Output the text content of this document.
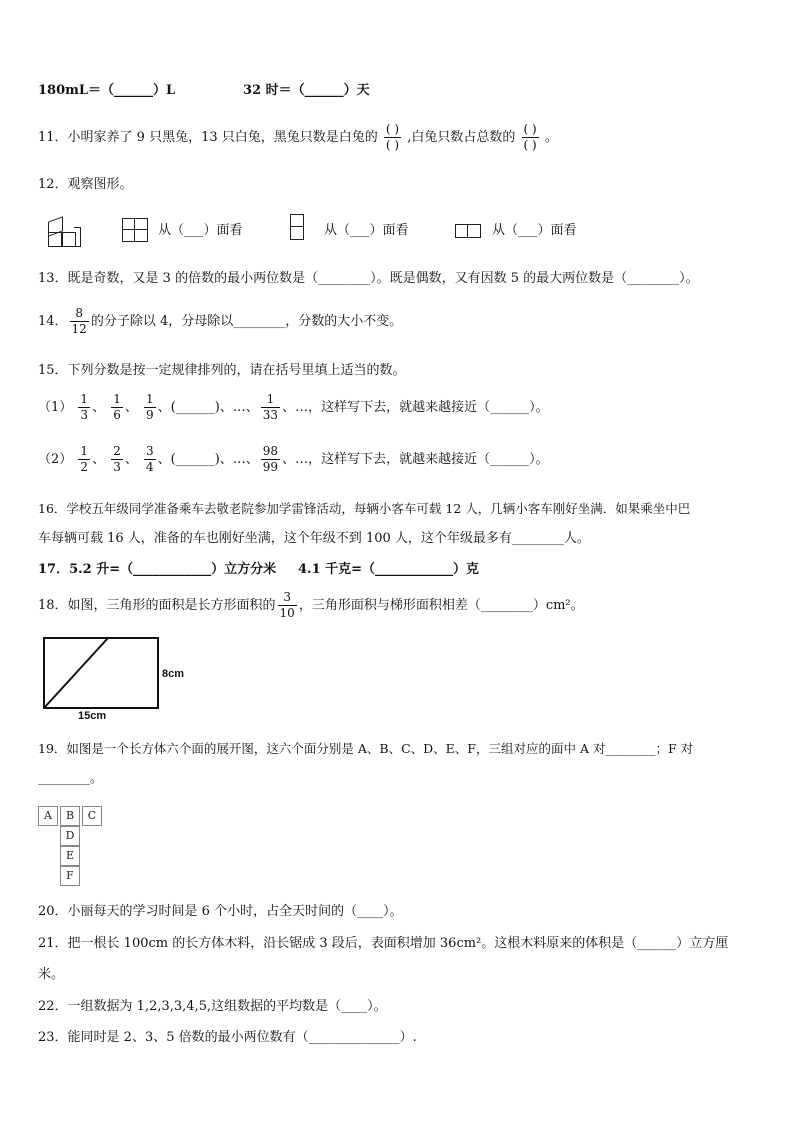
180mL＝（______）L	32 时＝（______）天
11．小明家养了 9 只黑兔，13 只白兔，黑兔只数是白兔的 $\frac{( )}{( )}$ ,白兔只数占总数的 $\frac{( )}{( )}$ 。
12．观察图形。
从（___）面看	从（___）面看	从（___）面看
13．既是奇数，又是 3 的倍数的最小两位数是（________）。既是偶数，又有因数 5 的最大两位数是（________）。
14． $\frac{8}{12}$ 的分子除以 4，分母除以________，分数的大小不变。
15．下列分数是按一定规律排列的，请在括号里填上适当的数。
$(1) \frac{1}{3}$ 、 $\frac{1}{6}$ 、 $\frac{1}{9}$ 、(______)、…、 $\frac{1}{33}$ 、…，这样写下去，就越来越接近（______）。
$(2) \frac{1}{2}$ 、 $\frac{2}{3}$ 、 $\frac{3}{4}$ 、(______)、…、 $\frac{98}{99}$ 、…，这样写下去，就越来越接近（______）。
16．学校五年级同学准备乘车去敬老院参加学雷锋活动，每辆小客车可载 12 人，几辆小客车刚好坐满．如果乘坐中巴
车每辆可载 16 人，准备的车也刚好坐满，这个年级不到 100 人，这个年级最多有________人。
17．5.2 升=（____________）立方分米 4.1 千克=（____________）克
18．如图，三角形的面积是长方形面积的 $\frac{3}{10}$ ，三角形面积与梯形面积相差（________）cm²。
8cm
15cm
19．如图是一个长方体六个面的展开图，这六个面分别是 A、B、C、D、E、F，三组对应的面中 A 对________；F 对
________。
A	B	C
D
E
F
20．小丽每天的学习时间是 6 个小时，占全天时间的（____）。
21．把一根长 100cm 的长方体木料，沿长锯成 3 段后，表面积增加 36cm²。这根木料原来的体积是（______）立方厘
米。
22．一组数据为 1,2,3,3,4,5,这组数据的平均数是（____）。
23．能同时是 2、3、5 倍数的最小两位数有（______________）.
